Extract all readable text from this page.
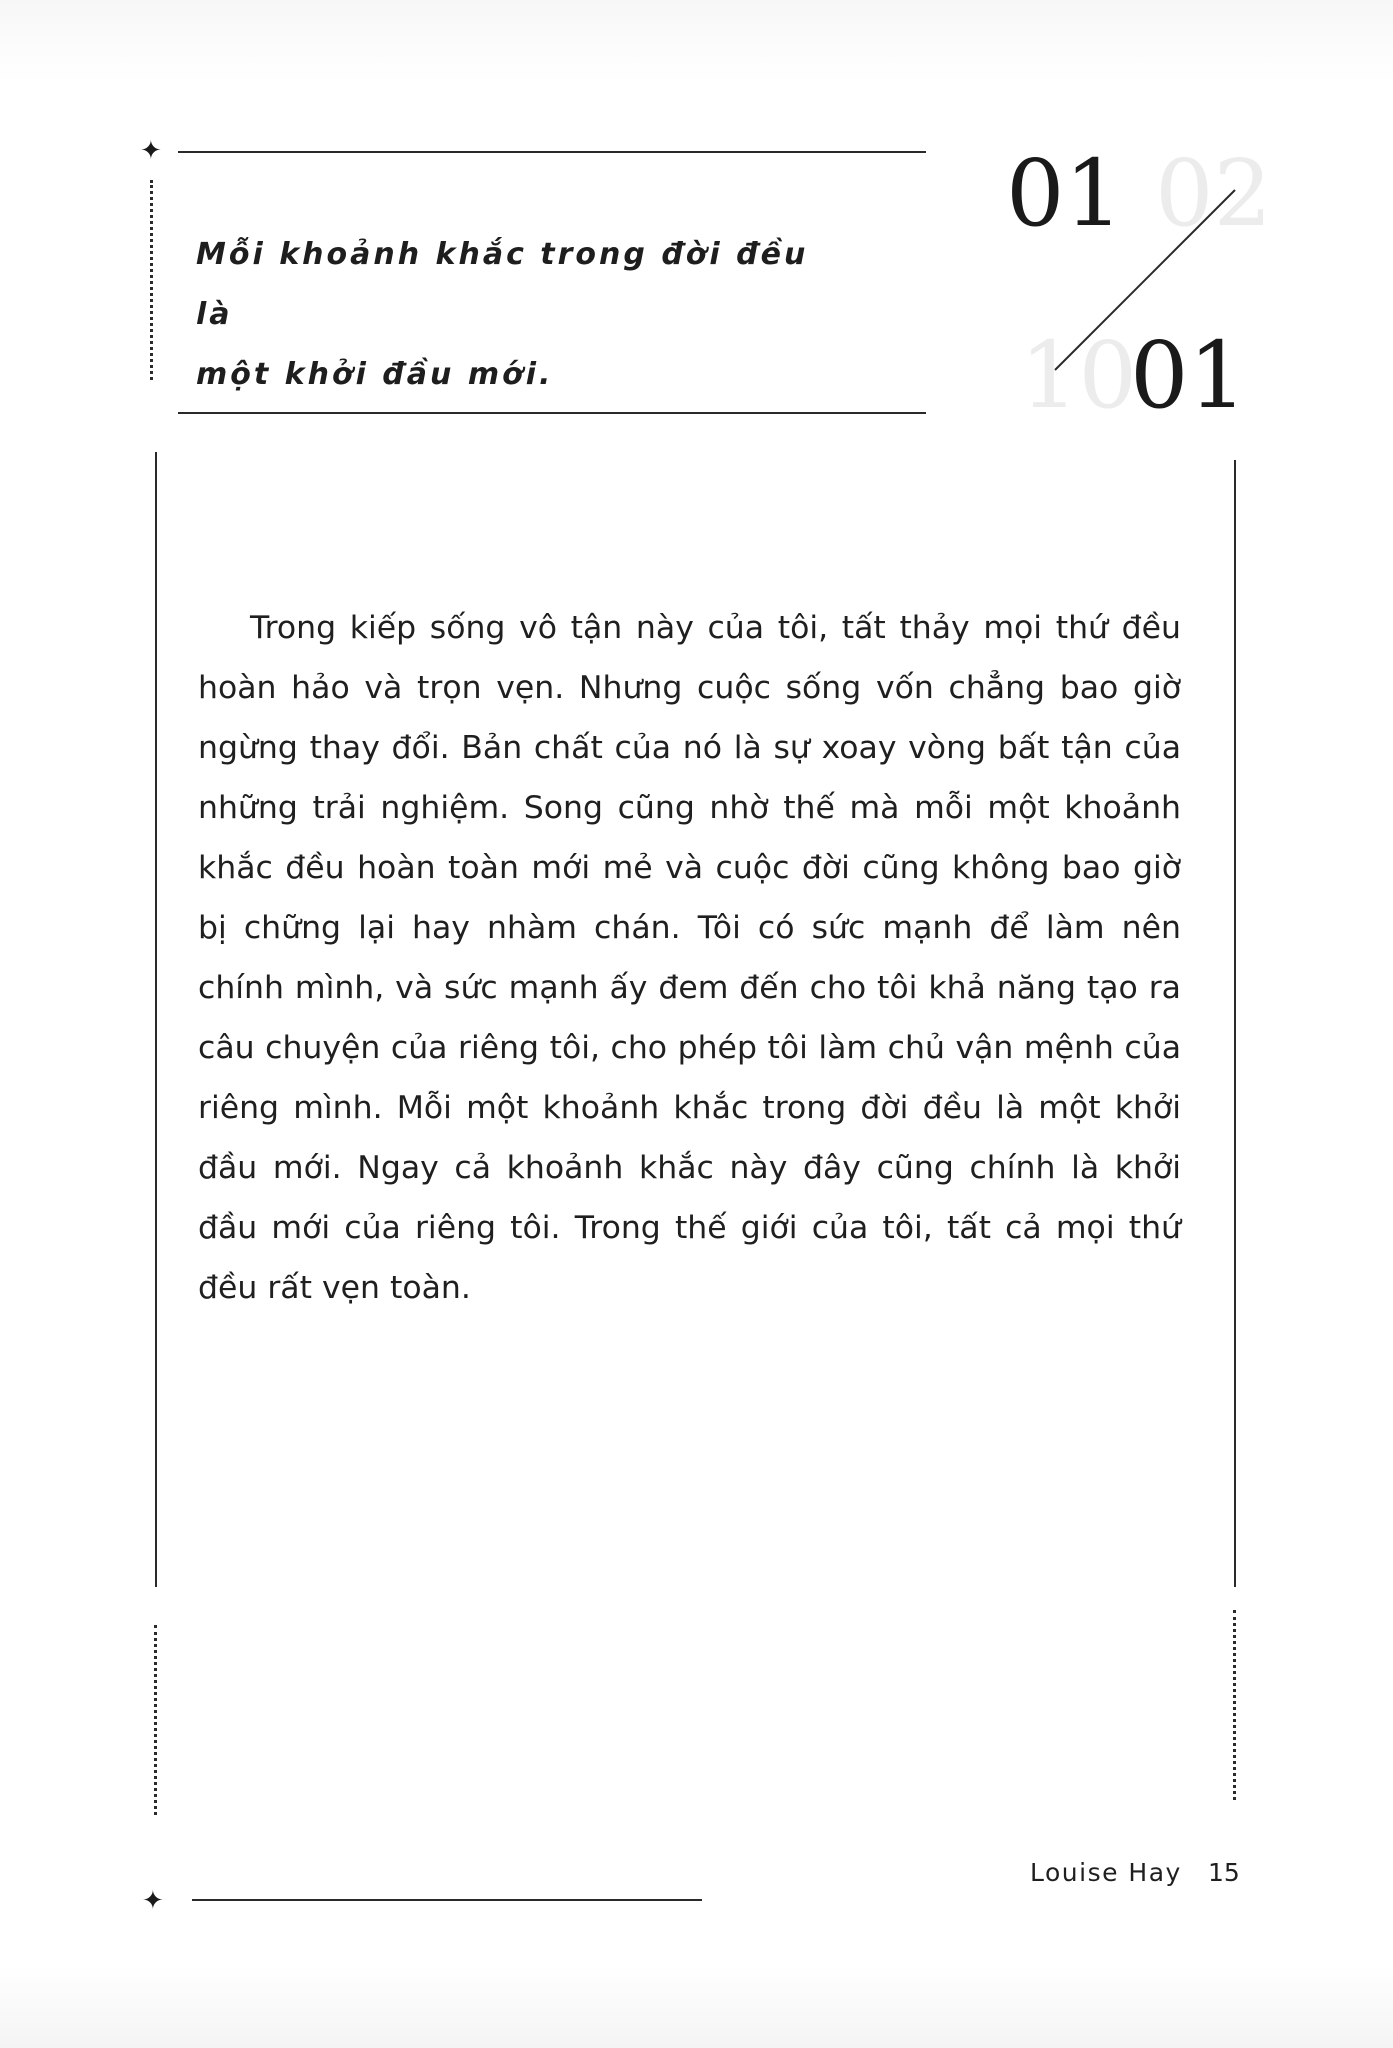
✦
Mỗi khoảnh khắc trong đời đều là
một khởi đầu mới.
02
10
01
01

Trong kiếp sống vô tận này của tôi, tất thảy mọi thứ đều hoàn hảo và trọn vẹn. Nhưng cuộc sống vốn chẳng bao giờ ngừng thay đổi. Bản chất của nó là sự xoay vòng bất tận của những trải nghiệm. Song cũng nhờ thế mà mỗi một khoảnh khắc đều hoàn toàn mới mẻ và cuộc đời cũng không bao giờ bị chững lại hay nhàm chán. Tôi có sức mạnh để làm nên chính mình, và sức mạnh ấy đem đến cho tôi khả năng tạo ra câu chuyện của riêng tôi, cho phép tôi làm chủ vận mệnh của riêng mình. Mỗi một khoảnh khắc trong đời đều là một khởi đầu mới. Ngay cả khoảnh khắc này đây cũng chính là khởi đầu mới của riêng tôi. Trong thế giới của tôi, tất cả mọi thứ đều rất vẹn toàn.
✦
Louise Hay 15
